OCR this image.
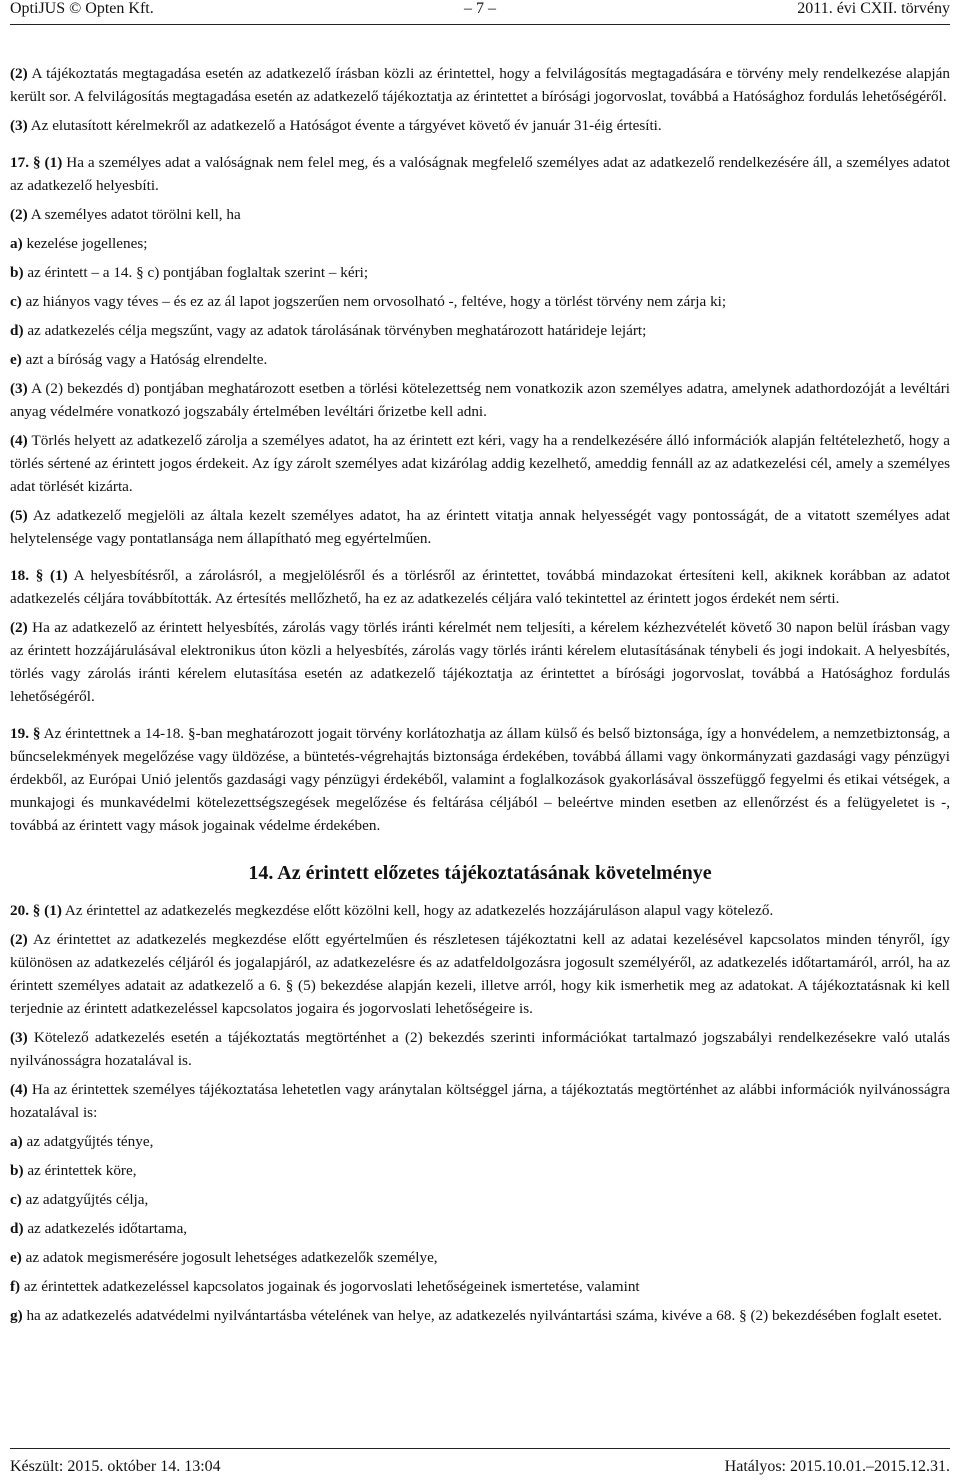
OptiJUS © Opten Kft.	– 7 –	2011. évi CXII. törvény

(2) A tájékoztatás megtagadása esetén az adatkezelő írásban közli az érintettel, hogy a felvilágosítás megtagadására e törvény mely rendelkezése alapján került sor. A felvilágosítás megtagadása esetén az adatkezelő tájékoztatja az érintettet a bírósági jogorvoslat, továbbá a Hatósághoz fordulás lehetőségéről.

(3) Az elutasított kérelmekről az adatkezelő a Hatóságot évente a tárgyévet követő év január 31-éig értesíti.

17. § (1) Ha a személyes adat a valóságnak nem felel meg, és a valóságnak megfelelő személyes adat az adatkezelő rendelkezésére áll, a személyes adatot az adatkezelő helyesbíti.

(2) A személyes adatot törölni kell, ha

a) kezelése jogellenes;

b) az érintett – a 14. § c) pontjában foglaltak szerint – kéri;

c) az hiányos vagy téves – és ez az ál lapot jogszerűen nem orvosolható -, feltéve, hogy a törlést törvény nem zárja ki;

d) az adatkezelés célja megszűnt, vagy az adatok tárolásának törvényben meghatározott határideje lejárt;

e) azt a bíróság vagy a Hatóság elrendelte.

(3) A (2) bekezdés d) pontjában meghatározott esetben a törlési kötelezettség nem vonatkozik azon személyes adatra, amelynek adathordozóját a levéltári anyag védelmére vonatkozó jogszabály értelmében levéltári őrizetbe kell adni.

(4) Törlés helyett az adatkezelő zárolja a személyes adatot, ha az érintett ezt kéri, vagy ha a rendelkezésére álló információk alapján feltételezhető, hogy a törlés sértené az érintett jogos érdekeit. Az így zárolt személyes adat kizárólag addig kezelhető, ameddig fennáll az az adatkezelési cél, amely a személyes adat törlését kizárta.

(5) Az adatkezelő megjelöli az általa kezelt személyes adatot, ha az érintett vitatja annak helyességét vagy pontosságát, de a vitatott személyes adat helytelensége vagy pontatlansága nem állapítható meg egyértelműen.

18. § (1) A helyesbítésről, a zárolásról, a megjelölésről és a törlésről az érintettet, továbbá mindazokat értesíteni kell, akiknek korábban az adatot adatkezelés céljára továbbították. Az értesítés mellőzhető, ha ez az adatkezelés céljára való tekintettel az érintett jogos érdekét nem sérti.

(2) Ha az adatkezelő az érintett helyesbítés, zárolás vagy törlés iránti kérelmét nem teljesíti, a kérelem kézhezvételét követő 30 napon belül írásban vagy az érintett hozzájárulásával elektronikus úton közli a helyesbítés, zárolás vagy törlés iránti kérelem elutasításának ténybeli és jogi indokait. A helyesbítés, törlés vagy zárolás iránti kérelem elutasítása esetén az adatkezelő tájékoztatja az érintettet a bírósági jogorvoslat, továbbá a Hatósághoz fordulás lehetőségéről.

19. § Az érintettnek a 14-18. §-ban meghatározott jogait törvény korlátozhatja az állam külső és belső biztonsága, így a honvédelem, a nemzetbiztonság, a bűncselekmények megelőzése vagy üldözése, a büntetés-végrehajtás biztonsága érdekében, továbbá állami vagy önkormányzati gazdasági vagy pénzügyi érdekből, az Európai Unió jelentős gazdasági vagy pénzügyi érdekéből, valamint a foglalkozások gyakorlásával összefüggő fegyelmi és etikai vétségek, a munkajogi és munkavédelmi kötelezettségszegések megelőzése és feltárása céljából – beleértve minden esetben az ellenőrzést és a felügyeletet is -, továbbá az érintett vagy mások jogainak védelme érdekében.

14. Az érintett előzetes tájékoztatásának követelménye

20. § (1) Az érintettel az adatkezelés megkezdése előtt közölni kell, hogy az adatkezelés hozzájáruláson alapul vagy kötelező.

(2) Az érintettet az adatkezelés megkezdése előtt egyértelműen és részletesen tájékoztatni kell az adatai kezelésével kapcsolatos minden tényről, így különösen az adatkezelés céljáról és jogalapjáról, az adatkezelésre és az adatfeldolgozásra jogosult személyéről, az adatkezelés időtartamáról, arról, ha az érintett személyes adatait az adatkezelő a 6. § (5) bekezdése alapján kezeli, illetve arról, hogy kik ismerhetik meg az adatokat. A tájékoztatásnak ki kell terjednie az érintett adatkezeléssel kapcsolatos jogaira és jogorvoslati lehetőségeire is.

(3) Kötelező adatkezelés esetén a tájékoztatás megtörténhet a (2) bekezdés szerinti információkat tartalmazó jogszabályi rendelkezésekre való utalás nyilvánosságra hozatalával is.

(4) Ha az érintettek személyes tájékoztatása lehetetlen vagy aránytalan költséggel járna, a tájékoztatás megtörténhet az alábbi információk nyilvánosságra hozatalával is:

a) az adatgyűjtés ténye,

b) az érintettek köre,

c) az adatgyűjtés célja,

d) az adatkezelés időtartama,

e) az adatok megismerésére jogosult lehetséges adatkezelők személye,

f) az érintettek adatkezeléssel kapcsolatos jogainak és jogorvoslati lehetőségeinek ismertetése, valamint

g) ha az adatkezelés adatvédelmi nyilvántartásba vételének van helye, az adatkezelés nyilvántartási száma, kivéve a 68. § (2) bekezdésében foglalt esetet.

Készült: 2015. október 14. 13:04	Hatályos: 2015.10.01.–2015.12.31.
